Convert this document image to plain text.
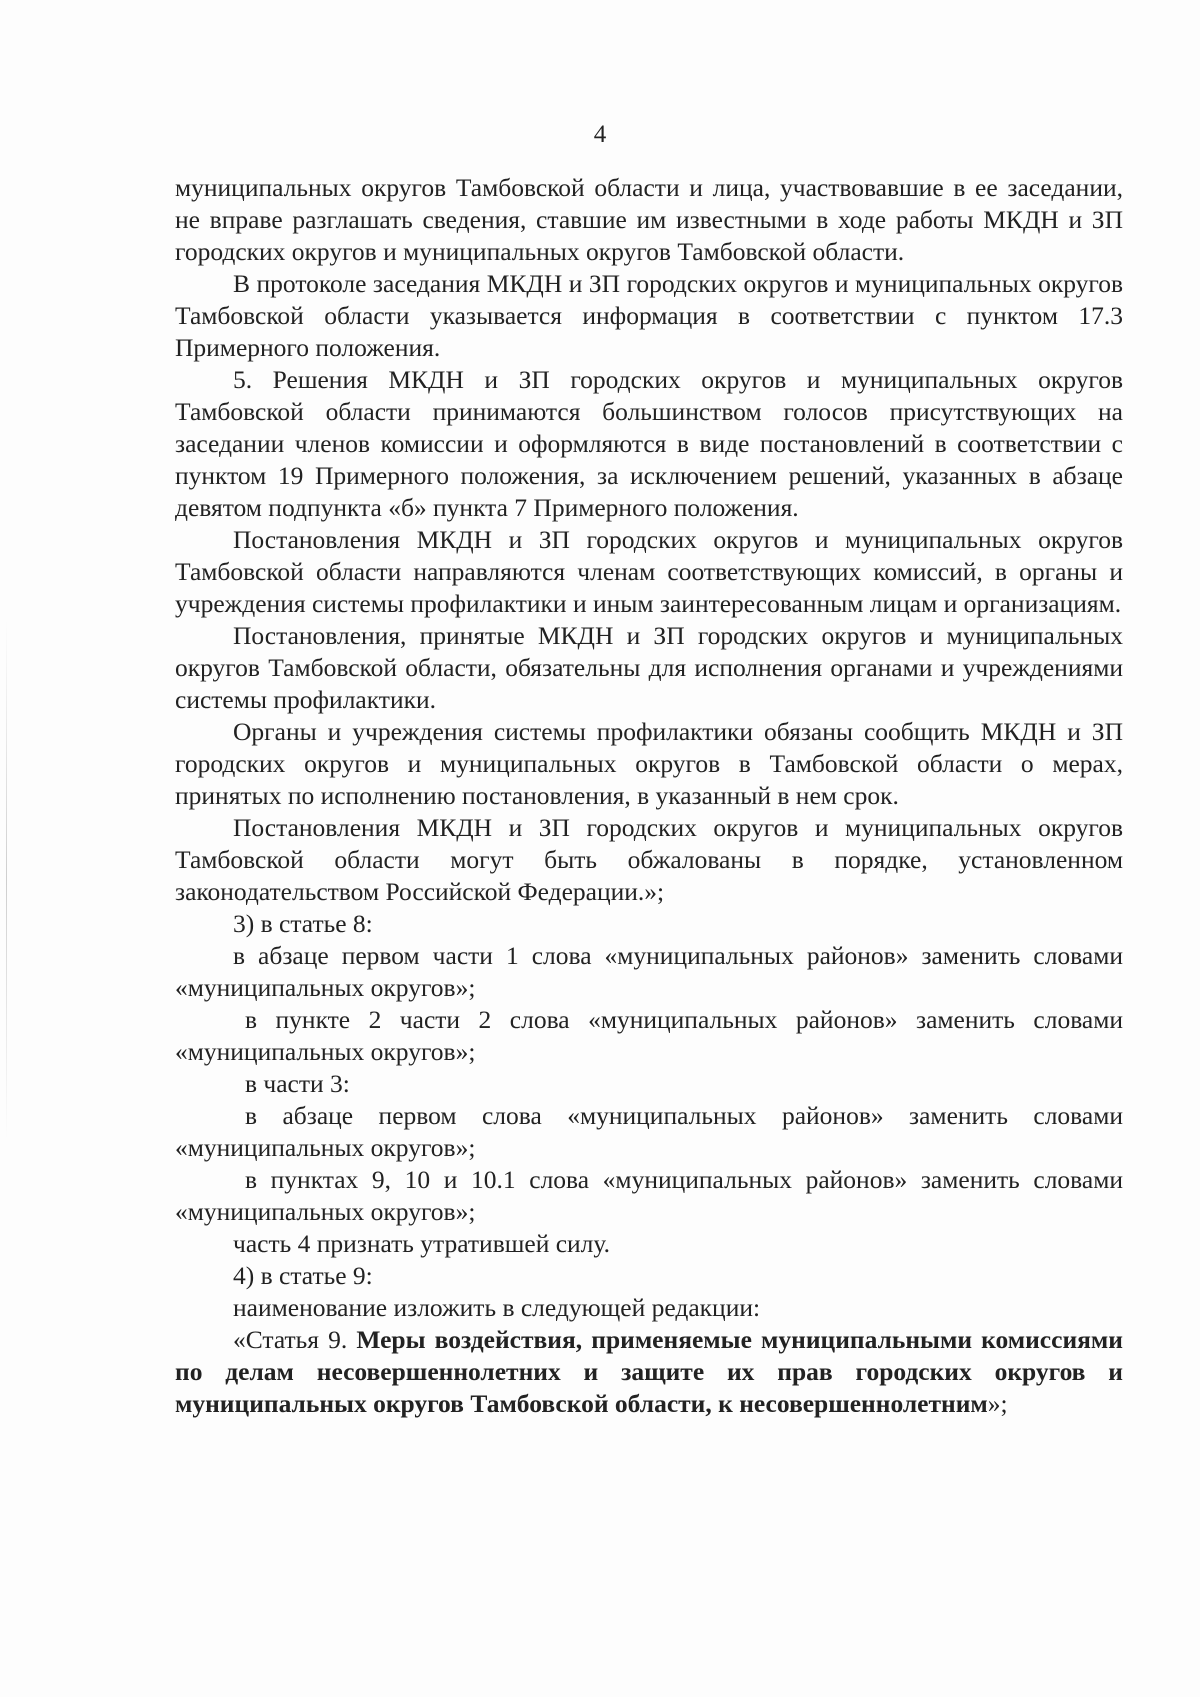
4

муниципальных округов Тамбовской области и лица, участвовавшие в ее заседании, не вправе разглашать сведения, ставшие им известными в ходе работы МКДН и ЗП городских округов и муниципальных округов Тамбовской области.

В протоколе заседания МКДН и ЗП городских округов и муниципальных округов Тамбовской области указывается информация в соответствии с пунктом 17.3 Примерного положения.

5. Решения МКДН и ЗП городских округов и муниципальных округов Тамбовской области принимаются большинством голосов присутствующих на заседании членов комиссии и оформляются в виде постановлений в соответствии с пунктом 19 Примерного положения, за исключением решений, указанных в абзаце девятом подпункта «б» пункта 7 Примерного положения.

Постановления МКДН и ЗП городских округов и муниципальных округов Тамбовской области направляются членам соответствующих комиссий, в органы и учреждения системы профилактики и иным заинтересованным лицам и организациям.

Постановления, принятые МКДН и ЗП городских округов и муниципальных округов Тамбовской области, обязательны для исполнения органами и учреждениями системы профилактики.

Органы и учреждения системы профилактики обязаны сообщить МКДН и ЗП городских округов и муниципальных округов в Тамбовской области о мерах, принятых по исполнению постановления, в указанный в нем срок.

Постановления МКДН и ЗП городских округов и муниципальных округов Тамбовской области могут быть обжалованы в порядке, установленном законодательством Российской Федерации.»;

3) в статье 8:

в абзаце первом части 1 слова «муниципальных районов» заменить словами «муниципальных округов»;

в пункте 2 части 2 слова «муниципальных районов» заменить словами «муниципальных округов»;

в части 3:

в абзаце первом слова «муниципальных районов» заменить словами «муниципальных округов»;

в пунктах 9, 10 и 10.1 слова «муниципальных районов» заменить словами «муниципальных округов»;

часть 4 признать утратившей силу.

4) в статье 9:

наименование изложить в следующей редакции:

«Статья 9. Меры воздействия, применяемые муниципальными комиссиями по делам несовершеннолетних и защите их прав городских округов и муниципальных округов Тамбовской области, к несовершеннолетним»;
